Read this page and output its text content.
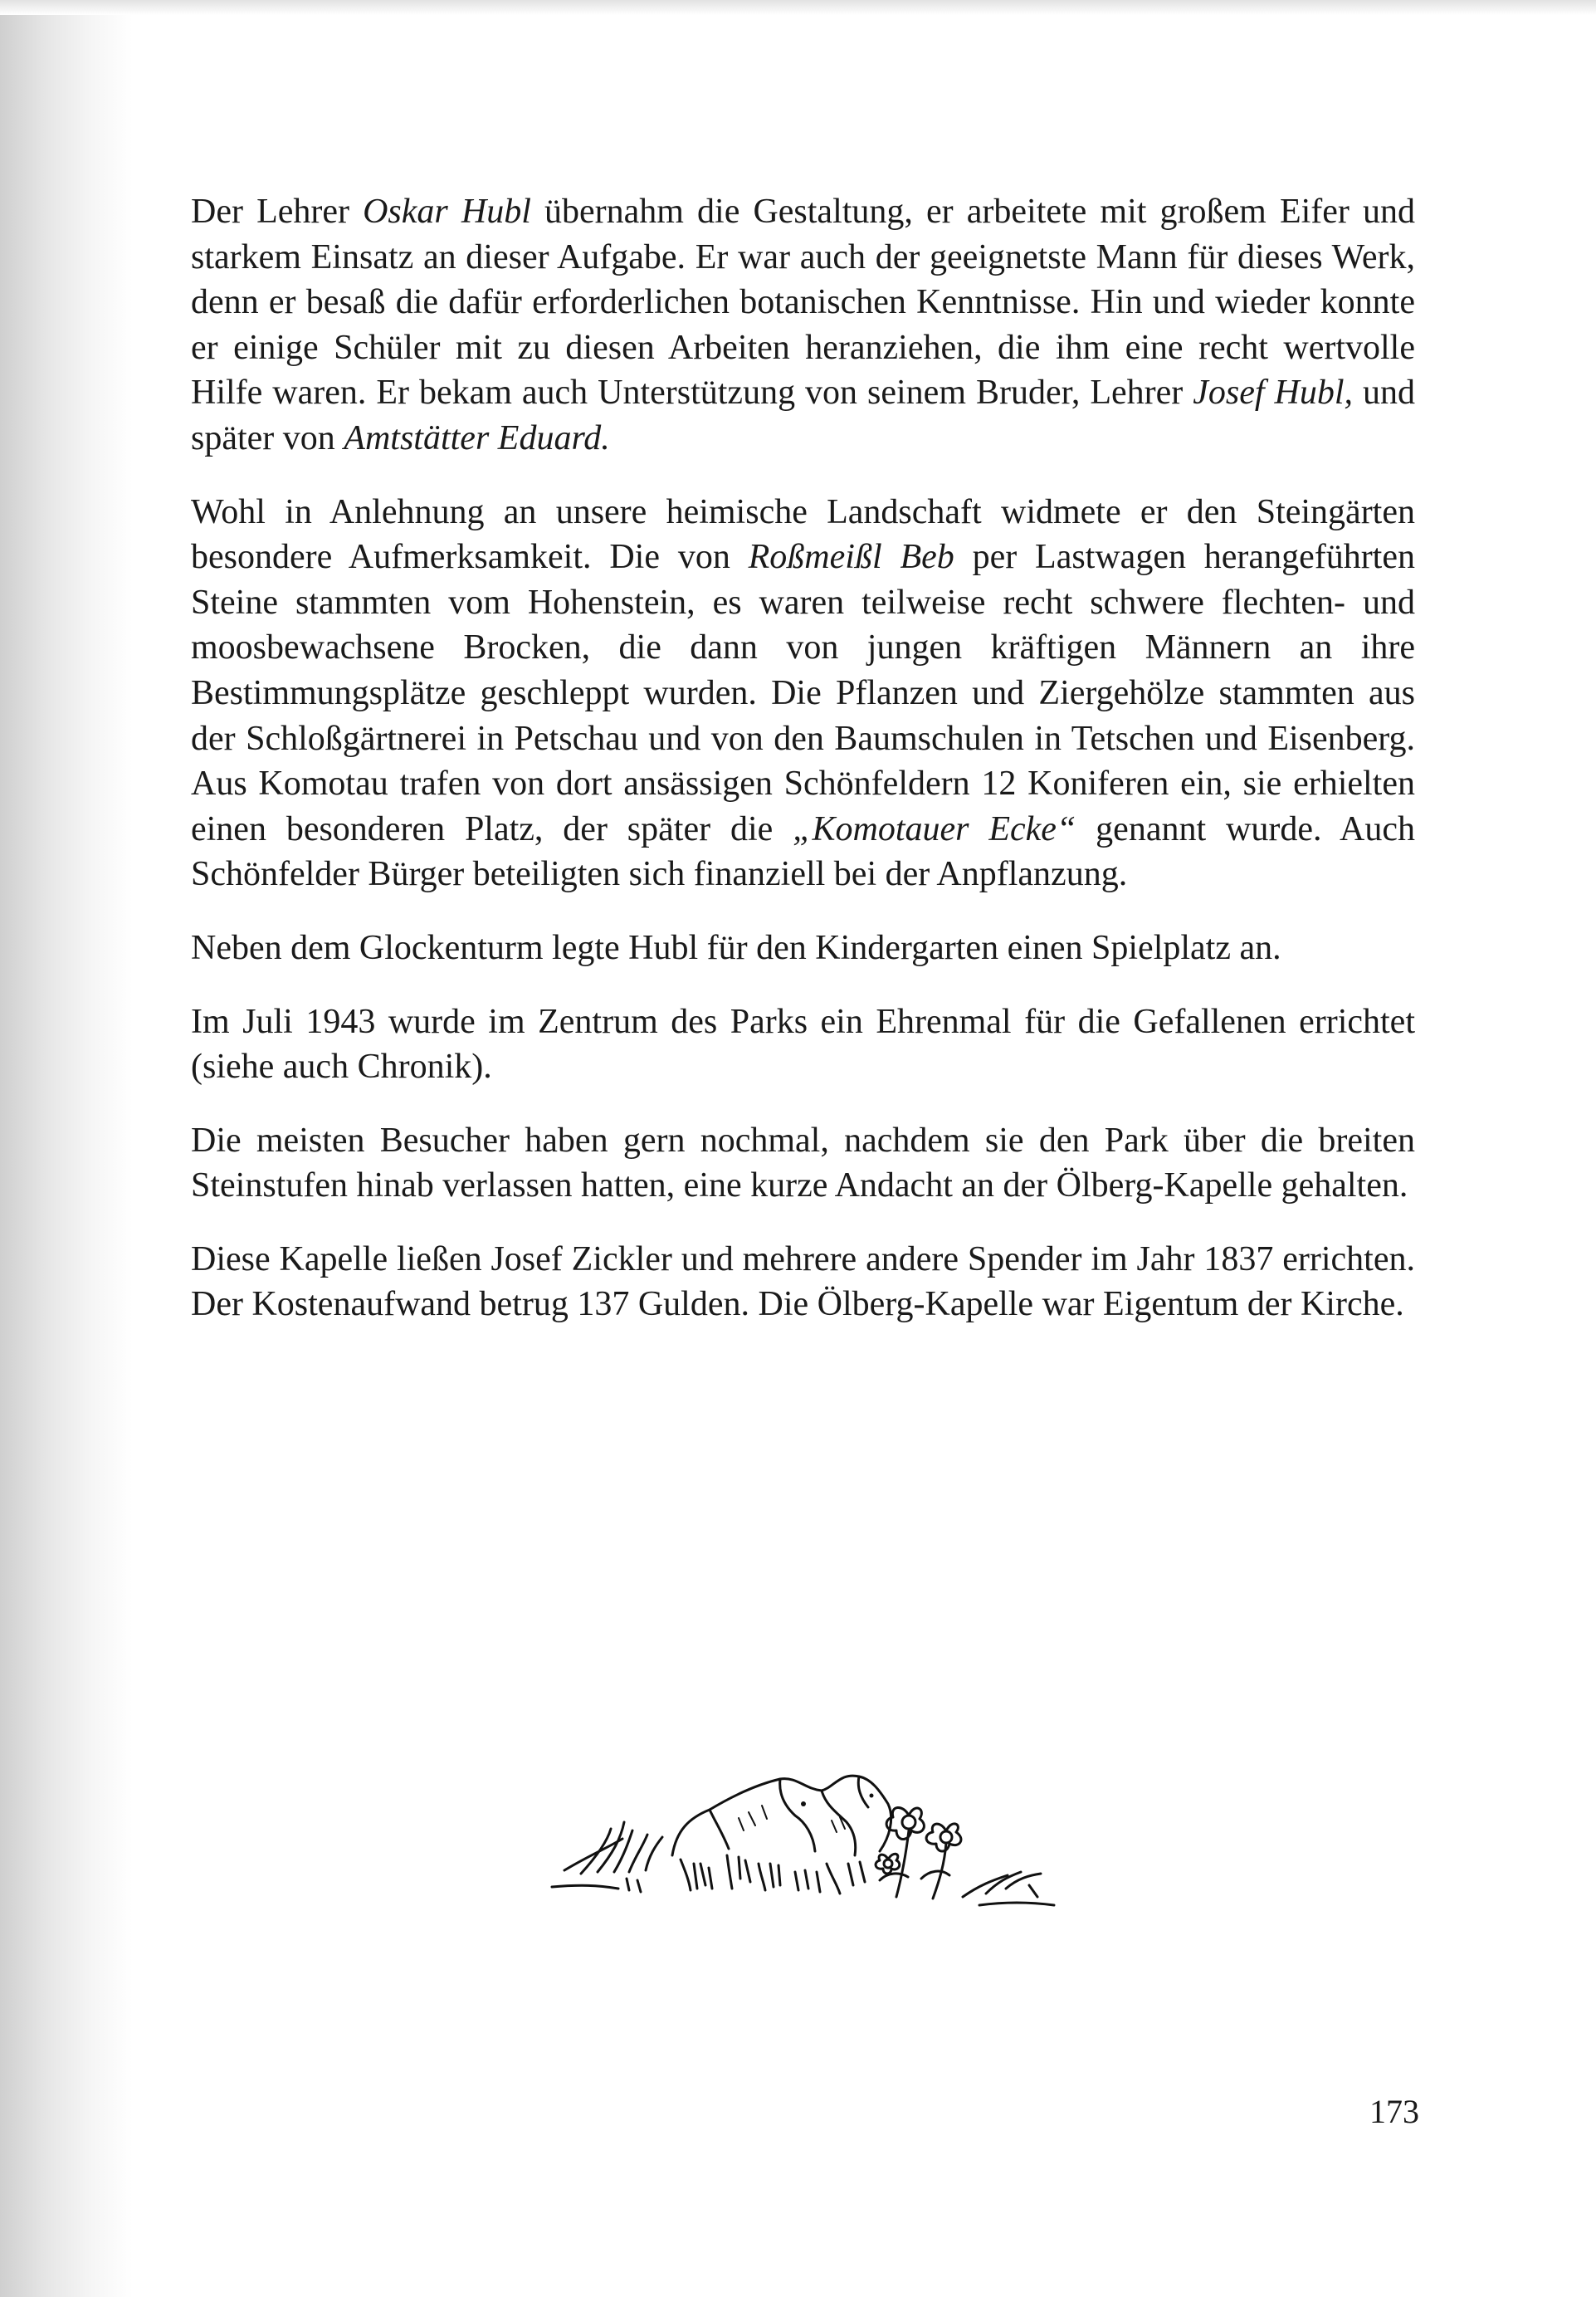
Der Lehrer Oskar Hubl übernahm die Gestaltung, er arbeitete mit großem Eifer und starkem Einsatz an dieser Aufgabe. Er war auch der geeignetste Mann für dieses Werk, denn er besaß die dafür erforderlichen botanischen Kenntnisse. Hin und wieder konnte er einige Schüler mit zu diesen Arbeiten heranziehen, die ihm eine recht wertvolle Hilfe waren. Er bekam auch Unterstützung von seinem Bruder, Lehrer Josef Hubl, und später von Amtstätter Eduard.

Wohl in Anlehnung an unsere heimische Landschaft widmete er den Steingärten besondere Aufmerksamkeit. Die von Roßmeißl Beb per Lastwagen herangeführten Steine stammten vom Hohenstein, es waren teilweise recht schwere flechten- und moosbewachsene Brocken, die dann von jungen kräftigen Männern an ihre Bestimmungsplätze geschleppt wurden. Die Pflanzen und Ziergehölze stammten aus der Schloßgärtnerei in Petschau und von den Baumschulen in Tetschen und Eisenberg. Aus Komotau trafen von dort ansässigen Schönfeldern 12 Koniferen ein, sie erhielten einen besonderen Platz, der später die „Komotauer Ecke“ genannt wurde. Auch Schönfelder Bürger beteiligten sich finanziell bei der Anpflanzung.

Neben dem Glockenturm legte Hubl für den Kindergarten einen Spielplatz an.

Im Juli 1943 wurde im Zentrum des Parks ein Ehrenmal für die Gefallenen errichtet (siehe auch Chronik).

Die meisten Besucher haben gern nochmal, nachdem sie den Park über die breiten Steinstufen hinab verlassen hatten, eine kurze Andacht an der Ölberg-Kapelle gehalten.

Diese Kapelle ließen Josef Zickler und mehrere andere Spender im Jahr 1837 errichten. Der Kostenaufwand betrug 137 Gulden. Die Ölberg-Kapelle war Eigentum der Kirche.

173
